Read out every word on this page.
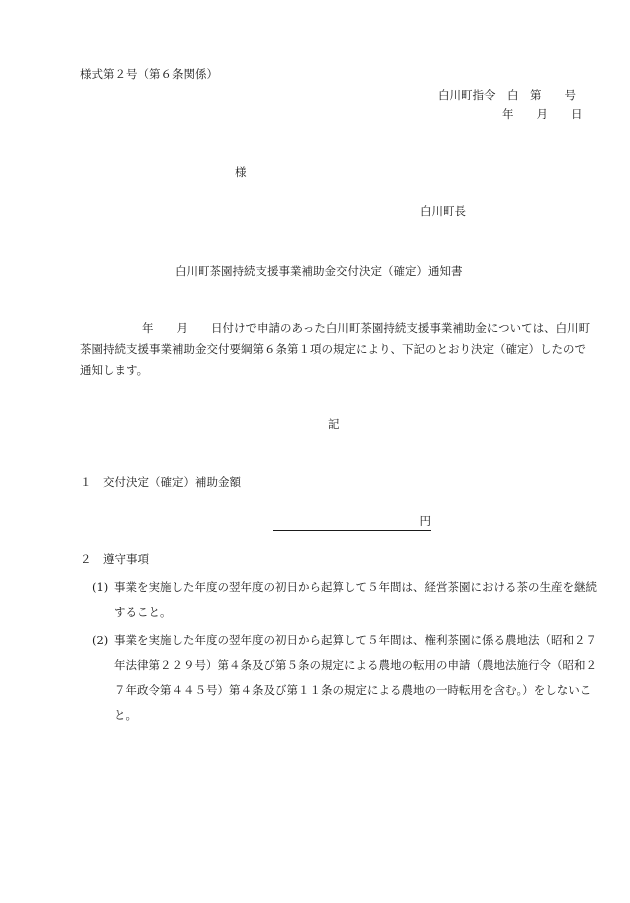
様式第２号（第６条関係）
白川町指令　白　第　　号
年　　月　　日
様
白川町長
白川町茶園持続支援事業補助金交付決定（確定）通知書
年　　月　　日付けで申請のあった白川町茶園持続支援事業補助金については、白川町茶園持続支援事業補助金交付要綱第６条第１項の規定により、下記のとおり決定（確定）したので通知します。
記
１　交付決定（確定）補助金額
円
２　遵守事項
(1) 事業を実施した年度の翌年度の初日から起算して５年間は、経営茶園における茶の生産を継続すること。
(2) 事業を実施した年度の翌年度の初日から起算して５年間は、権利茶園に係る農地法（昭和２７年法律第２２９号）第４条及び第５条の規定による農地の転用の申請（農地法施行令（昭和２７年政令第４４５号）第４条及び第１１条の規定による農地の一時転用を含む。）をしないこと。
